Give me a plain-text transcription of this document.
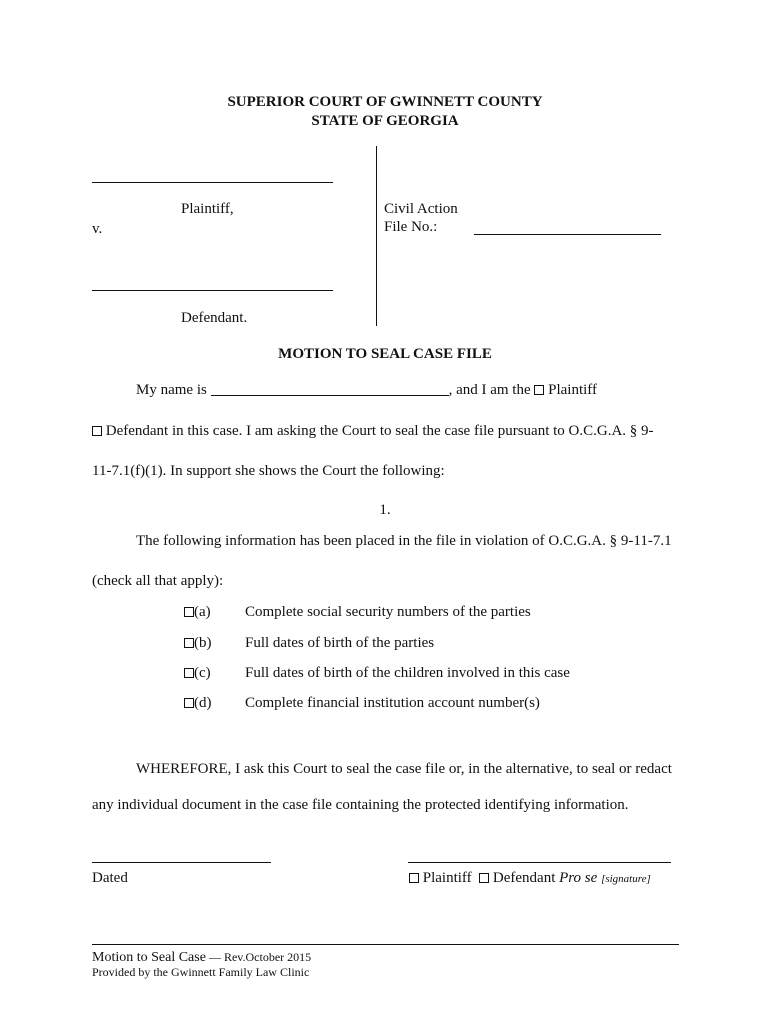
SUPERIOR COURT OF GWINNETT COUNTY
STATE OF GEORGIA
Plaintiff,
v.
Defendant.
Civil Action
File No.:
MOTION TO SEAL CASE FILE
My name is	, and I am the Plaintiff
Defendant in this case. I am asking the Court to seal the case file pursuant to O.C.G.A. § 9-
11-7.1(f)(1). In support she shows the Court the following:
1.
The following information has been placed in the file in violation of O.C.G.A. § 9-11-7.1
(check all that apply):
(a) Complete social security numbers of the parties
(b) Full dates of birth of the parties
(c) Full dates of birth of the children involved in this case
(d) Complete financial institution account number(s)
WHEREFORE, I ask this Court to seal the case file or, in the alternative, to seal or redact
any individual document in the case file containing the protected identifying information.
Dated	Plaintiff Defendant Pro se [signature]
Motion to Seal Case — Rev.October 2015
Provided by the Gwinnett Family Law Clinic
